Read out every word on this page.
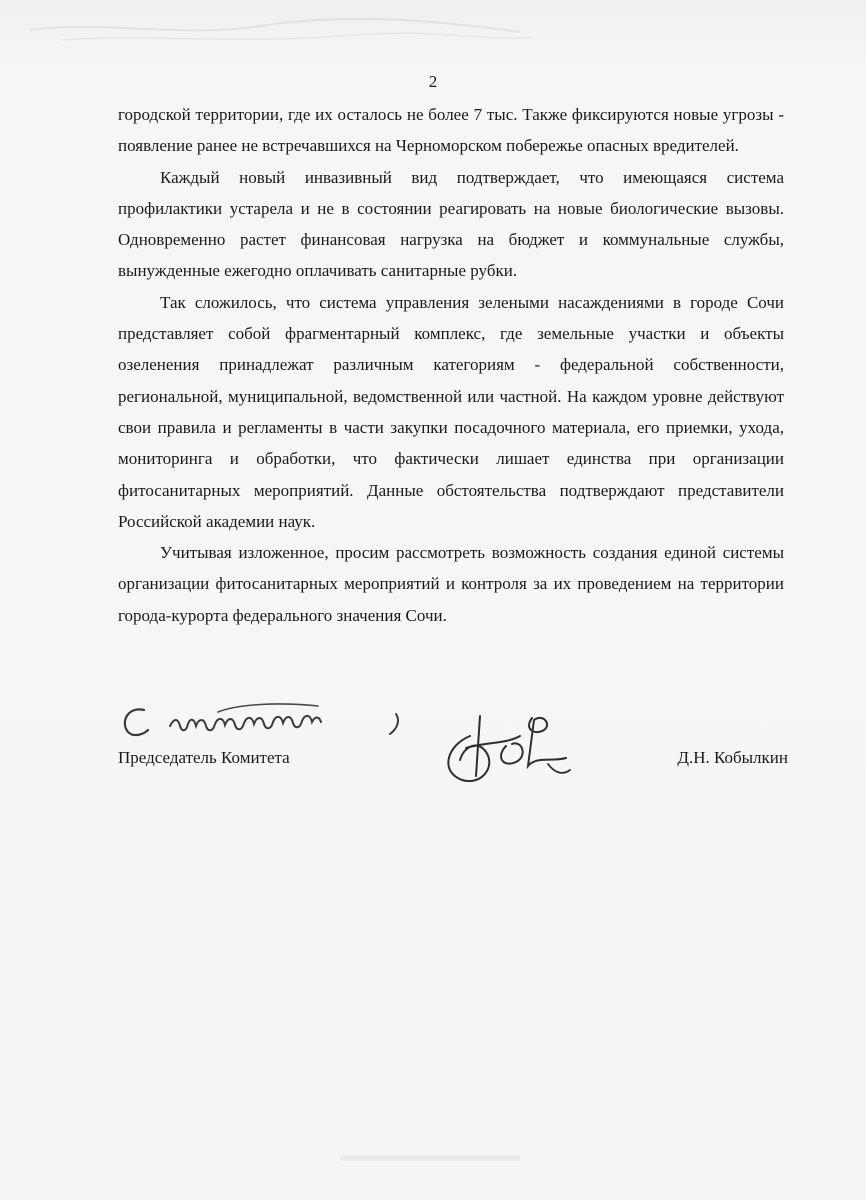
2

городской территории, где их осталось не более 7 тыс. Также фиксируются новые угрозы - появление ранее не встречавшихся на Черноморском побережье опасных вредителей.

Каждый новый инвазивный вид подтверждает, что имеющаяся система профилактики устарела и не в состоянии реагировать на новые биологические вызовы. Одновременно растет финансовая нагрузка на бюджет и коммунальные службы, вынужденные ежегодно оплачивать санитарные рубки.

Так сложилось, что система управления зелеными насаждениями в городе Сочи представляет собой фрагментарный комплекс, где земельные участки и объекты озеленения принадлежат различным категориям - федеральной собственности, региональной, муниципальной, ведомственной или частной. На каждом уровне действуют свои правила и регламенты в части закупки посадочного материала, его приемки, ухода, мониторинга и обработки, что фактически лишает единства при организации фитосанитарных мероприятий. Данные обстоятельства подтверждают представители Российской академии наук.

Учитывая изложенное, просим рассмотреть возможность создания единой системы организации фитосанитарных мероприятий и контроля за их проведением на территории города-курорта федерального значения Сочи.

Председатель Комитета	Д.Н. Кобылкин
